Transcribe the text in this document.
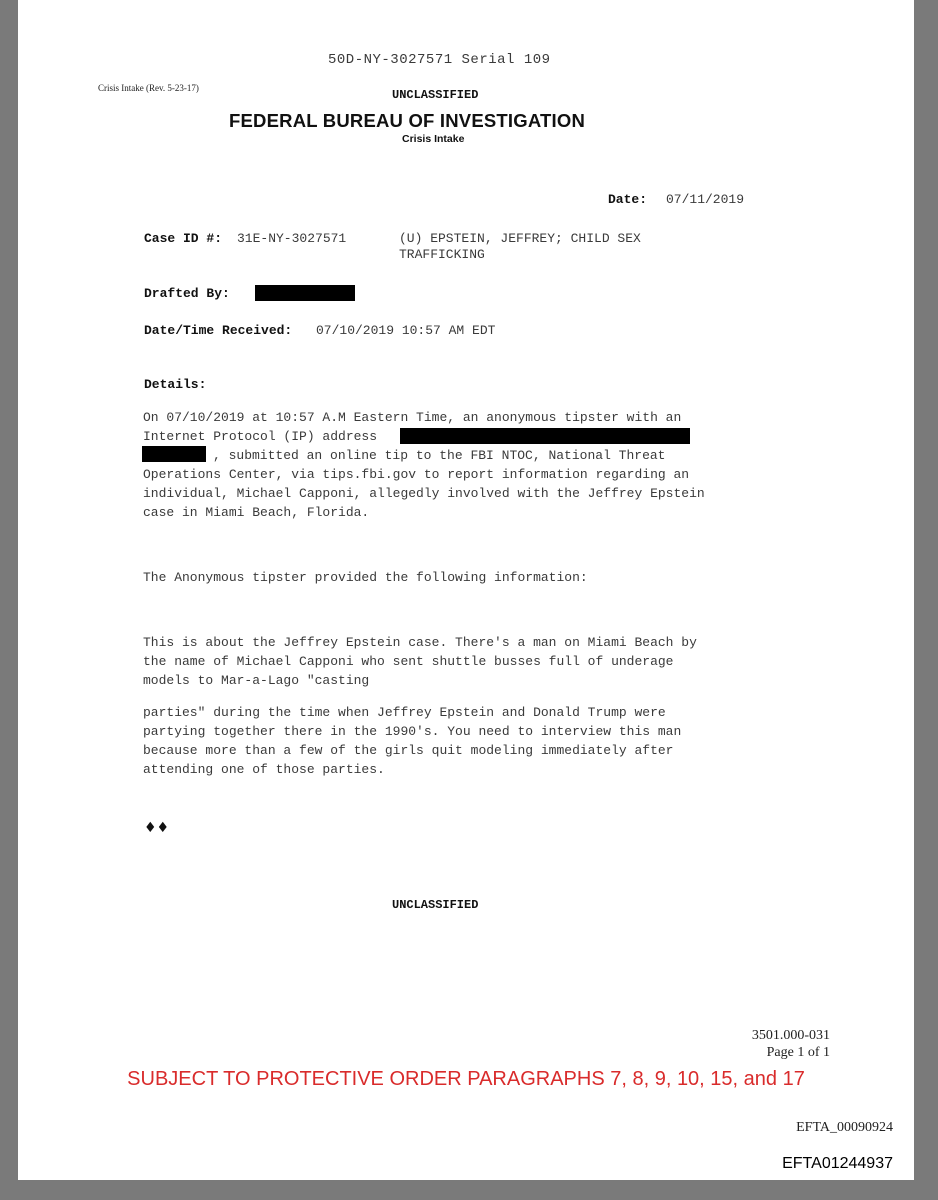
50D-NY-3027571 Serial 109
Crisis Intake (Rev. 5-23-17)	UNCLASSIFIED
FEDERAL BUREAU OF INVESTIGATION
Crisis Intake
Date: 07/11/2019
Case ID #: 31E-NY-3027571	(U) EPSTEIN, JEFFREY; CHILD SEX
TRAFFICKING
Drafted By:
Date/Time Received: 07/10/2019 10:57 AM EDT
Details:
On 07/10/2019 at 10:57 A.M Eastern Time, an anonymous tipster with an
Internet Protocol (IP) address
, submitted an online tip to the FBI NTOC, National Threat
Operations Center, via tips.fbi.gov to report information regarding an
individual, Michael Capponi, allegedly involved with the Jeffrey Epstein
case in Miami Beach, Florida.
The Anonymous tipster provided the following information:
This is about the Jeffrey Epstein case. There's a man on Miami Beach by
the name of Michael Capponi who sent shuttle busses full of underage
models to Mar-a-Lago "casting
parties" during the time when Jeffrey Epstein and Donald Trump were
partying together there in the 1990's. You need to interview this man
because more than a few of the girls quit modeling immediately after
attending one of those parties.
♦♦
UNCLASSIFIED
3501.000-031
Page 1 of 1
SUBJECT TO PROTECTIVE ORDER PARAGRAPHS 7, 8, 9, 10, 15, and 17
EFTA_00090924
EFTA01244937
